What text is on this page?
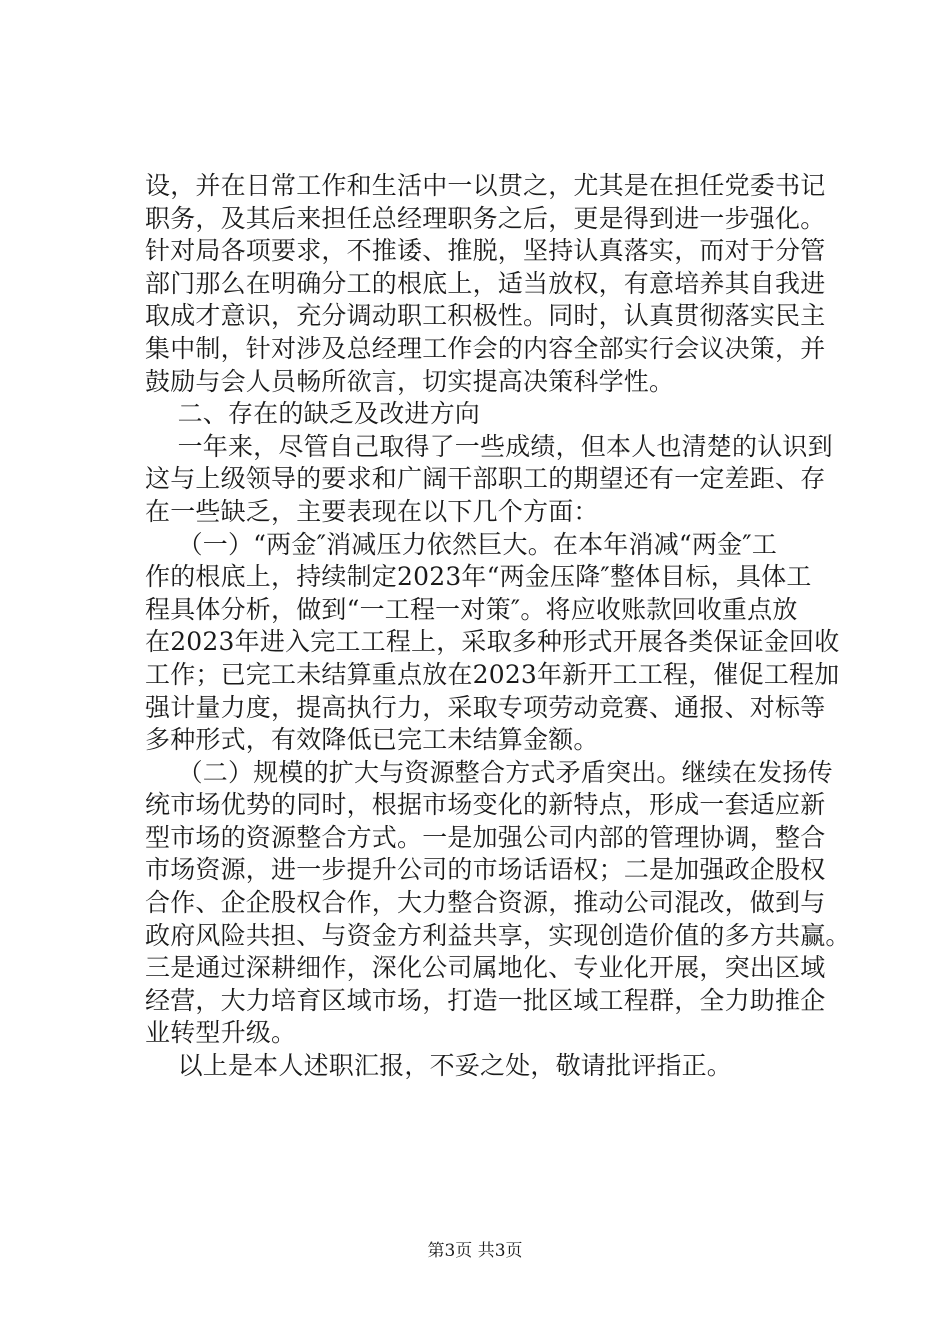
设，并在日常工作和生活中一以贯之，尤其是在担任党委书记
职务，及其后来担任总经理职务之后，更是得到进一步强化。
针对局各项要求，不推诿、推脱，坚持认真落实，而对于分管
部门那么在明确分工的根底上，适当放权，有意培养其自我进
取成才意识，充分调动职工积极性。同时，认真贯彻落实民主
集中制，针对涉及总经理工作会的内容全部实行会议决策，并
鼓励与会人员畅所欲言，切实提高决策科学性。
二、存在的缺乏及改进方向
一年来，尽管自己取得了一些成绩，但本人也清楚的认识到
这与上级领导的要求和广阔干部职工的期望还有一定差距、存
在一些缺乏，主要表现在以下几个方面：
（一）“两金″消减压力依然巨大。在本年消减“两金″工
作的根底上，持续制定2023年“两金压降″整体目标，具体工
程具体分析，做到“一工程一对策″。将应收账款回收重点放
在2023年进入完工工程上，采取多种形式开展各类保证金回收
工作；已完工未结算重点放在2023年新开工工程，催促工程加
强计量力度，提高执行力，采取专项劳动竞赛、通报、对标等
多种形式，有效降低已完工未结算金额。
（二）规模的扩大与资源整合方式矛盾突出。继续在发扬传
统市场优势的同时，根据市场变化的新特点，形成一套适应新
型市场的资源整合方式。一是加强公司内部的管理协调，整合
市场资源，进一步提升公司的市场话语权；二是加强政企股权
合作、企企股权合作，大力整合资源，推动公司混改，做到与
政府风险共担、与资金方利益共享，实现创造价值的多方共赢。
三是通过深耕细作，深化公司属地化、专业化开展，突出区域
经营，大力培育区域市场，打造一批区域工程群，全力助推企
业转型升级。
以上是本人述职汇报，不妥之处，敬请批评指正。
第3页 共3页
